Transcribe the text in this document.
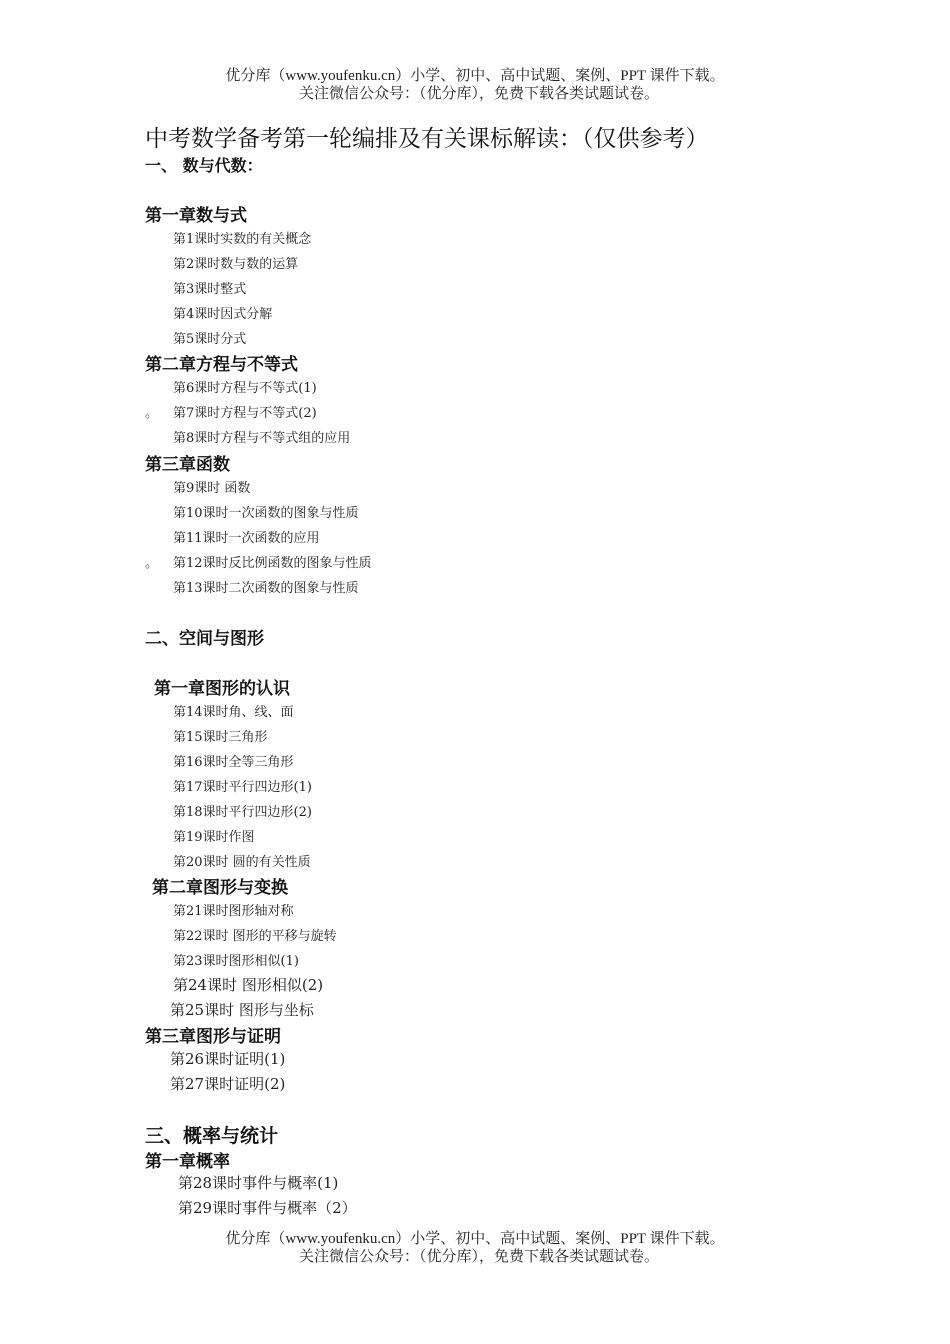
优分库（www.youfenku.cn）小学、初中、高中试题、案例、PPT 课件下载。
关注微信公众号：（优分库），免费下载各类试题试卷。
中考数学备考第一轮编排及有关课标解读：（仅供参考）
一、 数与代数：
第一章数与式
第1课时实数的有关概念
第2课时数与数的运算
第3课时整式
第4课时因式分解
第5课时分式
第二章方程与不等式
第6课时方程与不等式(1)
。 第7课时方程与不等式(2)
第8课时方程与不等式组的应用
第三章函数
第9课时 函数
第10课时一次函数的图象与性质
第11课时一次函数的应用
。 第12课时反比例函数的图象与性质
第13课时二次函数的图象与性质
二、空间与图形
第一章图形的认识
第14课时角、线、面
第15课时三角形
第16课时全等三角形
第17课时平行四边形(1)
第18课时平行四边形(2)
第19课时作图
第20课时 圆的有关性质
第二章图形与变换
第21课时图形轴对称
第22课时 图形的平移与旋转
第23课时图形相似(1)
第24课时 图形相似(2)
第25课时 图形与坐标
第三章图形与证明
第26课时证明(1)
第27课时证明(2)
三、概率与统计
第一章概率
第28课时事件与概率(1)
第29课时事件与概率（2）
优分库（www.youfenku.cn）小学、初中、高中试题、案例、PPT 课件下载。
关注微信公众号：（优分库），免费下载各类试题试卷。
